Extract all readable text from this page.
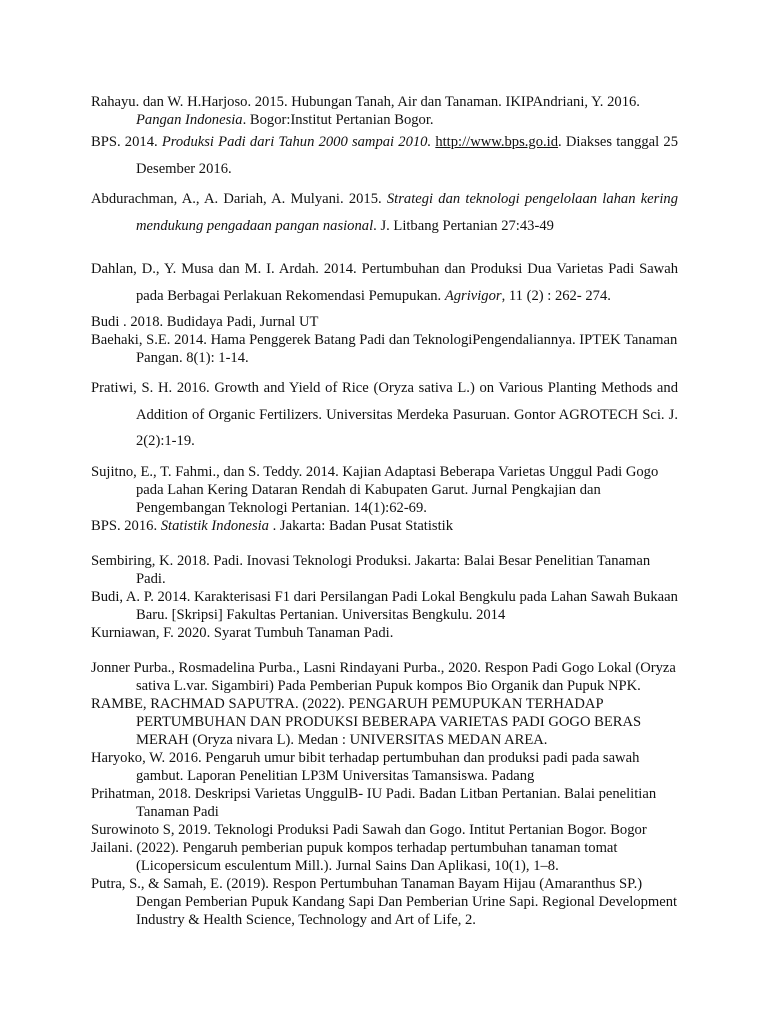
Rahayu. dan W. H.Harjoso. 2015. Hubungan Tanah, Air dan Tanaman. IKIPAndriani, Y. 2016. Pangan Indonesia. Bogor:Institut Pertanian Bogor.

BPS. 2014. Produksi Padi dari Tahun 2000 sampai 2010. http://www.bps.go.id. Diakses tanggal 25 Desember 2016.

Abdurachman, A., A. Dariah, A. Mulyani. 2015. Strategi dan teknologi pengelolaan lahan kering mendukung pengadaan pangan nasional. J. Litbang Pertanian 27:43-49

Dahlan, D., Y. Musa dan M. I. Ardah. 2014. Pertumbuhan dan Produksi Dua Varietas Padi Sawah pada Berbagai Perlakuan Rekomendasi Pemupukan. Agrivigor, 11 (2) : 262- 274.

Budi . 2018. Budidaya Padi, Jurnal UT

Baehaki, S.E. 2014. Hama Penggerek Batang Padi dan TeknologiPengendaliannya. IPTEK Tanaman Pangan. 8(1): 1-14.

Pratiwi, S. H. 2016. Growth and Yield of Rice (Oryza sativa L.) on Various Planting Methods and Addition of Organic Fertilizers. Universitas Merdeka Pasuruan. Gontor AGROTECH Sci. J. 2(2):1-19.

Sujitno, E., T. Fahmi., dan S. Teddy. 2014. Kajian Adaptasi Beberapa Varietas Unggul Padi Gogo pada Lahan Kering Dataran Rendah di Kabupaten Garut. Jurnal Pengkajian dan Pengembangan Teknologi Pertanian. 14(1):62-69.

BPS. 2016. Statistik Indonesia . Jakarta: Badan Pusat Statistik

Sembiring, K. 2018. Padi. Inovasi Teknologi Produksi. Jakarta: Balai Besar Penelitian Tanaman Padi.

Budi, A. P. 2014. Karakterisasi F1 dari Persilangan Padi Lokal Bengkulu pada Lahan Sawah Bukaan Baru. [Skripsi] Fakultas Pertanian. Universitas Bengkulu. 2014

Kurniawan, F. 2020. Syarat Tumbuh Tanaman Padi.

Jonner Purba., Rosmadelina Purba., Lasni Rindayani Purba., 2020. Respon Padi Gogo Lokal (Oryza sativa L.var. Sigambiri) Pada Pemberian Pupuk kompos Bio Organik dan Pupuk NPK.

RAMBE, RACHMAD SAPUTRA. (2022). PENGARUH PEMUPUKAN TERHADAP PERTUMBUHAN DAN PRODUKSI BEBERAPA VARIETAS PADI GOGO BERAS MERAH (Oryza nivara L). Medan : UNIVERSITAS MEDAN AREA.

Haryoko, W. 2016. Pengaruh umur bibit terhadap pertumbuhan dan produksi padi pada sawah gambut. Laporan Penelitian LP3M Universitas Tamansiswa. Padang

Prihatman, 2018. Deskripsi Varietas UnggulB- IU Padi. Badan Litban Pertanian. Balai penelitian Tanaman Padi

Surowinoto S, 2019. Teknologi Produksi Padi Sawah dan Gogo. Intitut Pertanian Bogor. Bogor

Jailani. (2022). Pengaruh pemberian pupuk kompos terhadap pertumbuhan tanaman tomat (Licopersicum esculentum Mill.). Jurnal Sains Dan Aplikasi, 10(1), 1–8.

Putra, S., & Samah, E. (2019). Respon Pertumbuhan Tanaman Bayam Hijau (Amaranthus SP.) Dengan Pemberian Pupuk Kandang Sapi Dan Pemberian Urine Sapi. Regional Development Industry & Health Science, Technology and Art of Life, 2.
